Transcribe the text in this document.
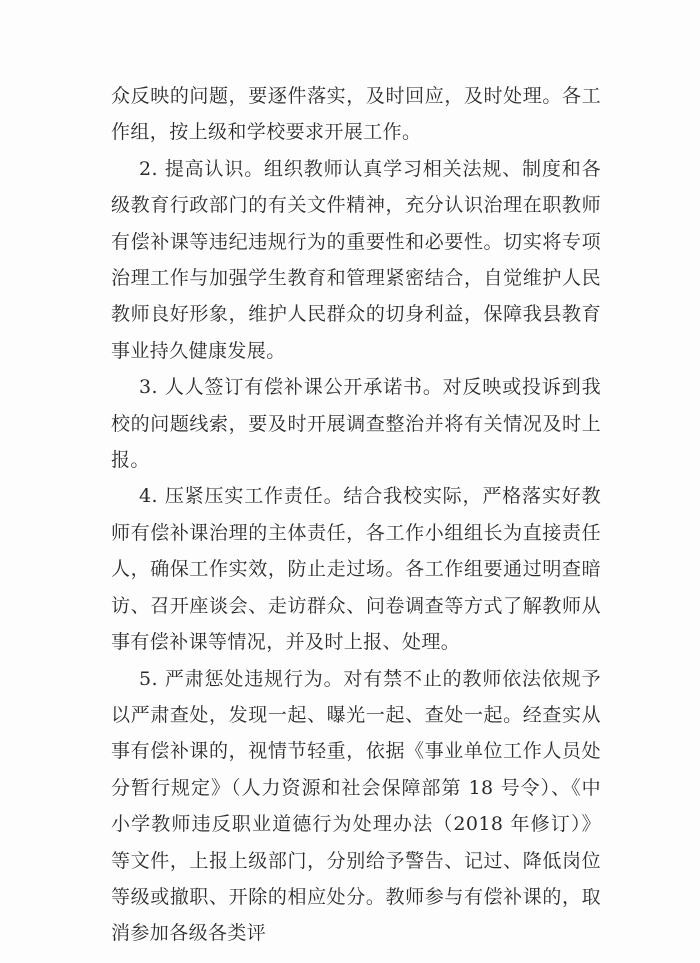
众反映的问题，要逐件落实，及时回应，及时处理。各工作组，按上级和学校要求开展工作。

2. 提高认识。组织教师认真学习相关法规、制度和各级教育行政部门的有关文件精神，充分认识治理在职教师有偿补课等违纪违规行为的重要性和必要性。切实将专项治理工作与加强学生教育和管理紧密结合，自觉维护人民教师良好形象，维护人民群众的切身利益，保障我县教育事业持久健康发展。

3. 人人签订有偿补课公开承诺书。对反映或投诉到我校的问题线索，要及时开展调查整治并将有关情况及时上报。

4. 压紧压实工作责任。结合我校实际，严格落实好教师有偿补课治理的主体责任，各工作小组组长为直接责任人，确保工作实效，防止走过场。各工作组要通过明查暗访、召开座谈会、走访群众、问卷调查等方式了解教师从事有偿补课等情况，并及时上报、处理。

5. 严肃惩处违规行为。对有禁不止的教师依法依规予以严肃查处，发现一起、曝光一起、查处一起。经查实从事有偿补课的，视情节轻重，依据《事业单位工作人员处分暂行规定》（人力资源和社会保障部第 18 号令）、《中小学教师违反职业道德行为处理办法（2018 年修订）》等文件，上报上级部门，分别给予警告、记过、降低岗位等级或撤职、开除的相应处分。教师参与有偿补课的，取消参加各级各类评
